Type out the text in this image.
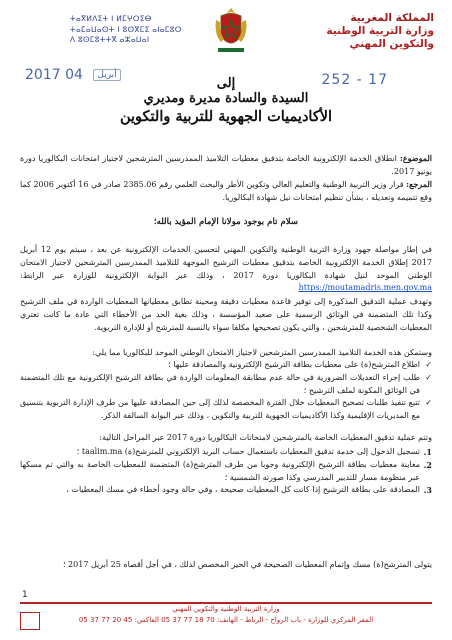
المملكة المغربية
وزارة التربية الوطنية
والتكوين المهني
ⵜⴰⴳⵍⴷⵉⵜ ⵏ ⵍⵎⵖⵔⵉⴱ
ⵜⴰⵎⴰⵡⴰⵙⵜ ⵏ ⵓⵙⴳⵎⵉ ⴰⵏⴰⵎⵓⵔ
ⴷ ⵓⵙⵎⵓⵜⵜⴳ ⴰⵣⴰⵡⴰⵏ
252 - 17
2017	أبريل 04
إلى
السيدة والسادة مديرة ومديري
الأكاديميات الجهوية للتربية والتكوين
الموضوع: انطلاق الخدمة الإلكترونية الخاصة بتدقيق معطيات التلاميذ الممدرسين المترشحين لاجتياز امتحانات البكالوريا دورة يونيو 2017.
المرجع: قرار وزير التربية الوطنية والتعليم العالي وتكوين الأطر والبحث العلمي رقم 2385.06 صادر في 16 أكتوبر 2006 كما وقع تتميمه وتعديله ، بشأن تنظيم امتحانات نيل شهادة البكالوريا.
سلام تام بوجود مولانا الإمام المؤيد بالله؛
في إطار مواصلة جهود وزارة التربية الوطنية والتكوين المهني لتحسين الخدمات الإلكترونية عن بعد ، سيتم يوم 12 أبريل 2017 إطلاق الخدمة الإلكترونية الخاصة بتدقيق معطيات الترشيح الموجهة للتلاميذ الممدرسين المترشحين لاجتياز الامتحان الوطني الموحد لنيل شهادة البكالوريا دورة 2017 ، وذلك عبر البوابة الإلكترونية للوزارة عبر الرابط: https://moutamadris.men.gov.ma
وتهدف عملية التدقيق المذكورة إلى توفير قاعدة معطيات دقيقة ومحينة تطابق معطياتها المعطيات الواردة في ملف الترشيح وكذا تلك المتضمنة في الوثائق الرسمية على صعيد المؤسسة ، وذلك بغية الحد من الأخطاء التي عادة ما كانت تعتري المعطيات الشخصية للمترشحين ، والتي يكون تصحيحها مكلفا سواء بالنسبة للمترشح أو للإدارة التربوية.
وستمكن هذه الخدمة التلاميذ الممدرسين المترشحين لاجتياز الامتحان الوطني الموحد للبكالوريا مما يلي:
✓
اطلاع المترشح(ة) على معطيات بطاقة الترشيح الإلكترونية والمصادقة عليها ؛
✓
طلب إجراء التعديلات الضرورية في حالة عدم مطابقة المعلومات الواردة في بطاقة الترشيح الإلكترونية مع تلك المتضمنة في الوثائق المكونة لملف الترشيح ؛
✓
تتبع تنفيذ طلبات تصحيح المعطيات خلال الفترة المخصصة لذلك إلى حين المصادقة عليها من طرف الإدارة التربوية بتنسيق مع المديريات الإقليمية وكذا الأكاديميات الجهوية للتربية والتكوين ، وذلك عبر البوابة السالفة الذكر.
وتتم عملية تدقيق المعطيات الخاصة بالمترشحين لامتحانات البكالوريا دورة 2017 عبر المراحل التالية:
1.
تسجيل الدخول إلى خدمة تدقيق المعطيات باستعمال حساب البريد الإلكتروني للمترشح(ة) taalim.ma ؛
2.
معاينة معطيات بطاقة الترشيح الإلكترونية وجوبا من طرف المترشح(ة) المتضمنة للمعطيات الخاصة به والتي تم مسكها عبر منظومة مسار للتدبير المدرسي وكذا صورته الشمسية ؛
3.
المصادقة على بطاقة الترشيح إذا كانت كل المعطيات صحيحة ، وفي حالة وجود أخطاء في مسك المعطيات ،
يتولى المترشح(ة) مسك وإتمام المعطيات الصحيحة في الحيز المخصص لذلك ، في أجل أقصاه 25 أبريل 2017 ؛
1
وزارة التربية الوطنية والتكوين المهني
المقر المركزي للوزارة - باب الرواح - الرباط - الهاتف: 70 18 77 37 05 الفاكس: 45 20 77 37 05
